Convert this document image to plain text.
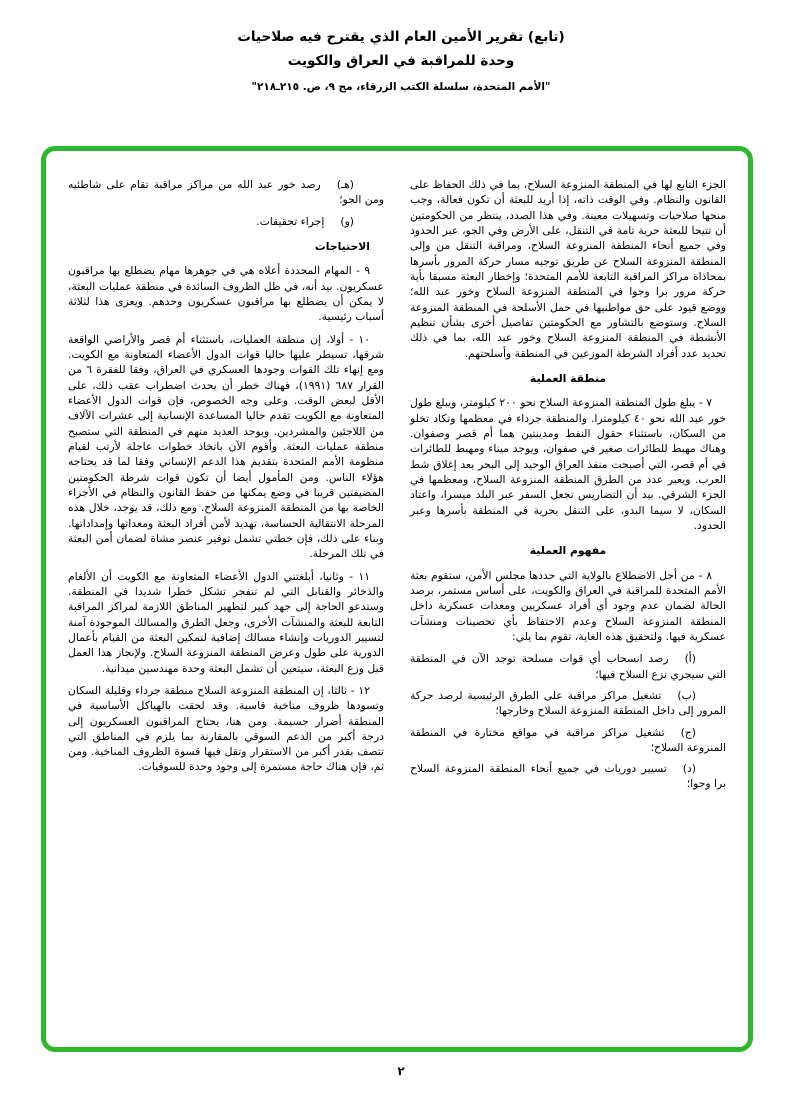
(تابع) تقرير الأمين العام الذي يقترح فيه صلاحيات
وحدة للمراقبة في العراق والكويت
"الأمم المتحدة، سلسلة الكتب الزرقاء، مج ٩، ص. ٢١٥ـ٢١٨"
الجزء التابع لها في المنطقة المنزوعة السلاح، بما في ذلك الحفاظ على القانون والنظام. وفي الوقت ذاته، إذا أريد للبعثة أن تكون فعالة، وجب منحها صلاحيات وتسهيلات معينة. وفي هذا الصدد، ينتظر من الحكومتين أن تتيحا للبعثة حرية تامة في التنقل، على الأرض وفي الجو، عبر الحدود وفي جميع أنحاء المنطقة المنزوعة السلاح، ومراقبة التنقل من وإلى المنطقة المنزوعة السلاح عن طريق توجيه مسار حركة المرور بأسرها بمحاذاة مراكز المراقبة التابعة للأمم المتحدة؛ وإخطار البعثة مسبقا بأية حركة مرور برا وجوا في المنطقة المنزوعة السلاح وخور عبد الله؛ ووضع قيود على حق مواطنيها في حمل الأسلحة في المنطقة المنزوعة السلاح. وستوضع بالتشاور مع الحكومتين تفاصيل أخرى بشأن تنظيم الأنشطة في المنطقة المنزوعة السلاح وخور عبد الله، بما في ذلك تحديد عدد أفراد الشرطة الموزعين في المنطقة وأسلحتهم.
منطقة العملية
٧ - يبلغ طول المنطقة المنزوعة السلاح نحو ٢٠٠ كيلومتر، ويبلغ طول خور عبد الله نحو ٤٠ كيلومترا. والمنطقة جرداء في معظمها وتكاد تخلو من السكان، باستثناء حقول النفط ومدينتين هما أم قصر وصفوان. وهناك مهبط للطائرات صغير في صفوان، ويوجد ميناء ومهبط للطائرات في أم قصر، التي أصبحت منفذ العراق الوحيد إلى البحر بعد إغلاق شط العرب. ويعبر عدد من الطرق المنطقة المنزوعة السلاح، ومعظمها في الجزء الشرقي. بيد أن التضاريس تجعل السفر عبر البلد ميسرا، واعتاد السكان، لا سيما البدو، على التنقل بحرية في المنطقة بأسرها وعبر الحدود.
مفهوم العملية
٨ - من أجل الاضطلاع بالولاية التي حددها مجلس الأمن، ستقوم بعثة الأمم المتحدة للمراقبة في العراق والكويت، على أساس مستمر، برصد الحالة لضمان عدم وجود أي أفراد عسكريين ومعدات عسكرية داخل المنطقة المنزوعة السلاح وعدم الاحتفاظ بأي تحصينات ومنشآت عسكرية فيها. ولتحقيق هذه الغاية، تقوم بما يلي:
(أ)رصد انسحاب أي قوات مسلحة توجد الآن في المنطقة التي سيجري نزع السلاح فيها؛
(ب)تشغيل مراكز مراقبة على الطرق الرئيسية لرصد حركة المرور إلى داخل المنطقة المنزوعة السلاح وخارجها؛
(ج)تشغيل مراكز مراقبة في مواقع مختارة في المنطقة المنزوعة السلاح؛
(د)تسيير دوريات في جميع أنحاء المنطقة المنزوعة السلاح برا وجوا؛
(هـ)رصد خور عبد الله من مراكز مراقبة تقام على شاطئيه ومن الجو؛
(و)إجراء تحقيقات.
الاحتياجات
٩ - المهام المحددة أعلاه هي في جوهرها مهام يضطلع بها مراقبون عسكريون. بيد أنه، في ظل الظروف السائدة في منطقة عمليات البعثة، لا يمكن أن يضطلع بها مراقبون عسكريون وحدهم. ويعزى هذا لثلاثة أسباب رئيسية.
١٠ - أولا، إن منطقة العمليات، باستثناء أم قصر والأراضي الواقعة شرقها، تسيطر عليها حاليا قوات الدول الأعضاء المتعاونة مع الكويت. ومع إنهاء تلك القوات وجودها العسكري في العراق، وفقا للفقرة ٦ من القرار ٦٨٧ (١٩٩١)، فهناك خطر أن يحدث اضطراب عقب ذلك، على الأقل لبعض الوقت. وعلى وجه الخصوص، فإن قوات الدول الأعضاء المتعاونة مع الكويت تقدم حاليا المساعدة الإنسانية إلى عشرات الآلاف من اللاجئين والمشردين. ويوجد العديد منهم في المنطقة التي ستصبح منطقة عمليات البعثة. وأقوم الآن باتخاذ خطوات عاجلة لأرتب لقيام منظومة الأمم المتحدة بتقديم هذا الدعم الإنساني وفقا لما قد يحتاجه هؤلاء الناس. ومن المأمول أيضا أن تكون قوات شرطة الحكومتين المضيفتين قريبا في وضع يمكنها من حفظ القانون والنظام في الأجزاء الخاصة بها من المنطقة المنزوعة السلاح. ومع ذلك، قد يوجد، خلال هذه المرحلة الانتقالية الحساسة، تهديد لأمن أفراد البعثة ومعداتها وإمداداتها. وبناء على ذلك، فإن خطتي تشمل توفير عنصر مشاة لضمان أمن البعثة في تلك المرحلة.
١١ - وثانيا، أبلغتني الدول الأعضاء المتعاونة مع الكويت أن الألغام والذخائر والقنابل التي لم تنفجر تشكل خطرا شديدا في المنطقة. وستدعو الحاجة إلى جهد كبير لتطهير المناطق اللازمة لمراكز المراقبة التابعة للبعثة والمنشآت الأخرى، وجعل الطرق والمسالك الموجودة آمنة لتسيير الدوريات وإنشاء مسالك إضافية لتمكين البعثة من القيام بأعمال الدورية على طول وعرض المنطقة المنزوعة السلاح. ولإنجاز هذا العمل قبل وزع البعثة، سيتعين أن تشمل البعثة وحدة مهندسين ميدانية.
١٢ - ثالثا، إن المنطقة المنزوعة السلاح منطقة جرداء وقليلة السكان وتسودها ظروف مناخية قاسية. وقد لحقت بالهياكل الأساسية في المنطقة أضرار جسيمة. ومن هنا، يحتاج المراقبون العسكريون إلى درجة أكبر من الدعم السوقي بالمقارنة بما يلزم في المناطق التي تتصف بقدر أكبر من الاستقرار وتقل فيها قسوة الظروف المناخية. ومن ثم، فإن هناك حاجة مستمرة إلى وجود وحدة للسوقيات.
٢
